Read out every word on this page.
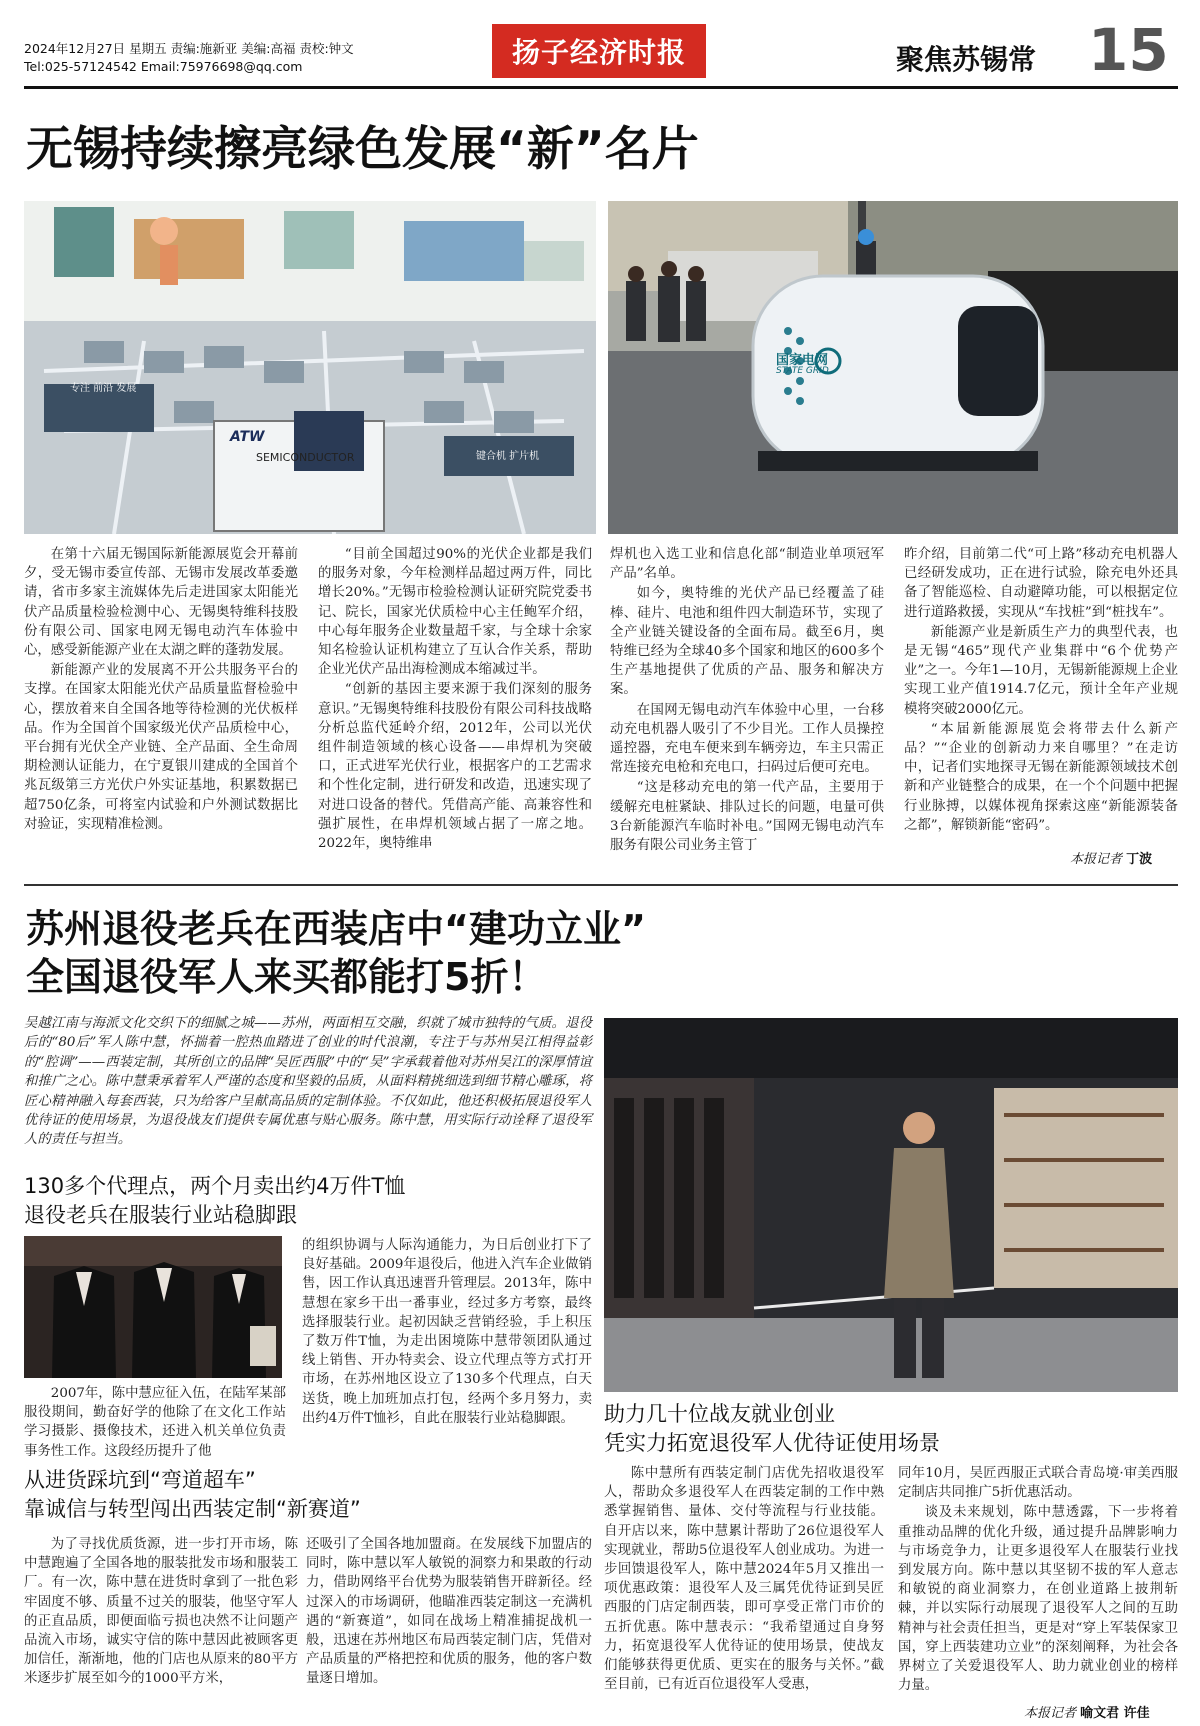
2024年12月27日 星期五 责编:施新亚 美编:高福 责校:钟文
Tel:025-57124542 Email:75976698@qq.com	扬子经济时报	聚焦苏锡常 15
无锡持续擦亮绿色发展“新”名片
专注 前沿 发展
键合机 扩片机
ATW
SEMICONDUCTOR
国家电网
STATE GRID

在第十六届无锡国际新能源展览会开幕前夕，受无锡市委宣传部、无锡市发展改革委邀请，省市多家主流媒体先后走进国家太阳能光伏产品质量检验检测中心、无锡奥特维科技股份有限公司、国家电网无锡电动汽车体验中心，感受新能源产业在太湖之畔的蓬勃发展。

新能源产业的发展离不开公共服务平台的支撑。在国家太阳能光伏产品质量监督检验中心，摆放着来自全国各地等待检测的光伏板样品。作为全国首个国家级光伏产品质检中心，平台拥有光伏全产业链、全产品面、全生命周期检测认证能力，在宁夏银川建成的全国首个兆瓦级第三方光伏户外实证基地，积累数据已超750亿条，可将室内试验和户外测试数据比对验证，实现精准检测。

“目前全国超过90%的光伏企业都是我们的服务对象，今年检测样品超过两万件，同比增长20%。”无锡市检验检测认证研究院党委书记、院长，国家光伏质检中心主任鲍军介绍，中心每年服务企业数量超千家，与全球十余家知名检验认证机构建立了互认合作关系，帮助企业光伏产品出海检测成本缩减过半。

“创新的基因主要来源于我们深刻的服务意识。”无锡奥特维科技股份有限公司科技战略分析总监代延岭介绍，2012年，公司以光伏组件制造领域的核心设备——串焊机为突破口，正式进军光伏行业，根据客户的工艺需求和个性化定制，进行研发和改造，迅速实现了对进口设备的替代。凭借高产能、高兼容性和强扩展性，在串焊机领域占据了一席之地。2022年，奥特维串

焊机也入选工业和信息化部“制造业单项冠军产品”名单。

如今，奥特维的光伏产品已经覆盖了硅棒、硅片、电池和组件四大制造环节，实现了全产业链关键设备的全面布局。截至6月，奥特维已经为全球40多个国家和地区的600多个生产基地提供了优质的产品、服务和解决方案。

在国网无锡电动汽车体验中心里，一台移动充电机器人吸引了不少目光。工作人员操控遥控器，充电车便来到车辆旁边，车主只需正常连接充电枪和充电口，扫码过后便可充电。

“这是移动充电的第一代产品，主要用于缓解充电桩紧缺、排队过长的问题，电量可供3台新能源汽车临时补电。”国网无锡电动汽车服务有限公司业务主管丁

昨介绍，目前第二代“可上路”移动充电机器人已经研发成功，正在进行试验，除充电外还具备了智能巡检、自动避障功能，可以根据定位进行道路救援，实现从“车找桩”到“桩找车”。

新能源产业是新质生产力的典型代表，也是无锡“465”现代产业集群中“6个优势产业”之一。今年1—10月，无锡新能源规上企业实现工业产值1914.7亿元，预计全年产业规模将突破2000亿元。

“本届新能源展览会将带去什么新产品？”“企业的创新动力来自哪里？”在走访中，记者们实地探寻无锡在新能源领域技术创新和产业链整合的成果，在一个个问题中把握行业脉搏，以媒体视角探索这座“新能源装备之都”，解锁新能“密码”。

本报记者 丁波
苏州退役老兵在西装店中“建功立业”
全国退役军人来买都能打5折！
吴越江南与海派文化交织下的细腻之城——苏州，两面相互交融，织就了城市独特的气质。退役后的“80后”军人陈中慧，怀揣着一腔热血踏进了创业的时代浪潮，专注于与苏州吴江相得益彰的“腔调”——西装定制，其所创立的品牌“吴匠西服”中的“吴”字承载着他对苏州吴江的深厚情谊和推广之心。陈中慧秉承着军人严谨的态度和坚毅的品质，从面料精挑细选到细节精心雕琢，将匠心精神融入每套西装，只为给客户呈献高品质的定制体验。不仅如此，他还积极拓展退役军人优待证的使用场景，为退役战友们提供专属优惠与贴心服务。陈中慧，用实际行动诠释了退役军人的责任与担当。
130多个代理点，两个月卖出约4万件T恤
退役老兵在服装行业站稳脚跟

2007年，陈中慧应征入伍，在陆军某部服役期间，勤奋好学的他除了在文化工作站学习摄影、摄像技术，还进入机关单位负责事务性工作。这段经历提升了他

的组织协调与人际沟通能力，为日后创业打下了良好基础。2009年退役后，他进入汽车企业做销售，因工作认真迅速晋升管理层。2013年，陈中慧想在家乡干出一番事业，经过多方考察，最终选择服装行业。起初因缺乏营销经验，手上积压了数万件T恤，为走出困境陈中慧带领团队通过线上销售、开办特卖会、设立代理点等方式打开市场，在苏州地区设立了130多个代理点，白天送货，晚上加班加点打包，经两个多月努力，卖出约4万件T恤衫，自此在服装行业站稳脚跟。

从进货踩坑到“弯道超车”
靠诚信与转型闯出西装定制“新赛道”

为了寻找优质货源，进一步打开市场，陈中慧跑遍了全国各地的服装批发市场和服装工厂。有一次，陈中慧在进货时拿到了一批色彩牢固度不够、质量不过关的服装，他坚守军人的正直品质，即便面临亏损也决然不让问题产品流入市场，诚实守信的陈中慧因此被顾客更加信任，渐渐地，他的门店也从原来的80平方米逐步扩展至如今的1000平方米，

还吸引了全国各地加盟商。在发展线下加盟店的同时，陈中慧以军人敏锐的洞察力和果敢的行动力，借助网络平台优势为服装销售开辟新径。经过深入的市场调研，他瞄准西装定制这一充满机遇的“新赛道”，如同在战场上精准捕捉战机一般，迅速在苏州地区布局西装定制门店，凭借对产品质量的严格把控和优质的服务，他的客户数量逐日增加。

助力几十位战友就业创业
凭实力拓宽退役军人优待证使用场景

陈中慧所有西装定制门店优先招收退役军人，帮助众多退役军人在西装定制的工作中熟悉掌握销售、量体、交付等流程与行业技能。自开店以来，陈中慧累计帮助了26位退役军人实现就业，帮助5位退役军人创业成功。为进一步回馈退役军人，陈中慧2024年5月又推出一项优惠政策：退役军人及三属凭优待证到吴匠西服的门店定制西装，即可享受正常门市价的五折优惠。陈中慧表示：“我希望通过自身努力，拓宽退役军人优待证的使用场景，使战友们能够获得更优质、更实在的服务与关怀。”截至目前，已有近百位退役军人受惠，

同年10月，吴匠西服正式联合青岛境·审美西服定制店共同推广5折优惠活动。

谈及未来规划，陈中慧透露，下一步将着重推动品牌的优化升级，通过提升品牌影响力与市场竞争力，让更多退役军人在服装行业找到发展方向。陈中慧以其坚韧不拔的军人意志和敏锐的商业洞察力，在创业道路上披荆斩棘，并以实际行动展现了退役军人之间的互助精神与社会责任担当，更是对“穿上军装保家卫国，穿上西装建功立业”的深刻阐释，为社会各界树立了关爱退役军人、助力就业创业的榜样力量。

本报记者 喻文君 许佳
